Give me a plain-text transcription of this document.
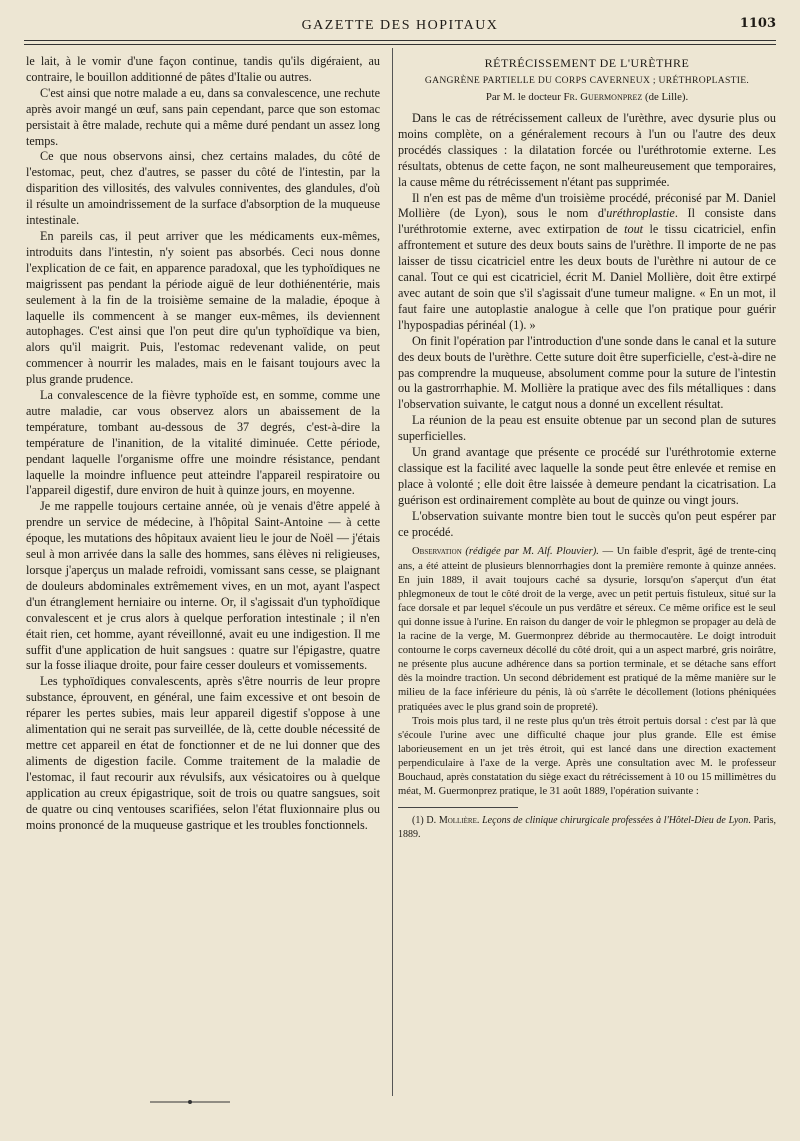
GAZETTE DES HOPITAUX	1103

le lait, à le vomir d'une façon continue, tandis qu'ils digéraient, au contraire, le bouillon additionné de pâtes d'Italie ou autres.

C'est ainsi que notre malade a eu, dans sa convalescence, une rechute après avoir mangé un œuf, sans pain cependant, parce que son estomac persistait à être malade, rechute qui a même duré pendant un assez long temps.

Ce que nous observons ainsi, chez certains malades, du côté de l'estomac, peut, chez d'autres, se passer du côté de l'intestin, par la disparition des villosités, des valvules conniventes, des glandules, d'où il résulte un amoindrissement de la surface d'absorption de la muqueuse intestinale.

En pareils cas, il peut arriver que les médicaments eux-mêmes, introduits dans l'intestin, n'y soient pas absorbés. Ceci nous donne l'explication de ce fait, en apparence paradoxal, que les typhoïdiques ne maigrissent pas pendant la période aiguë de leur dothiénentérie, mais seulement à la fin de la troisième semaine de la maladie, époque à laquelle ils commencent à se manger eux-mêmes, ils deviennent autophages. C'est ainsi que l'on peut dire qu'un typhoïdique va bien, alors qu'il maigrit. Puis, l'estomac redevenant valide, on peut commencer à nourrir les malades, mais en le faisant toujours avec la plus grande prudence.

La convalescence de la fièvre typhoïde est, en somme, comme une autre maladie, car vous observez alors un abaissement de la température, tombant au-dessous de 37 degrés, c'est-à-dire la température de l'inanition, de la vitalité diminuée. Cette période, pendant laquelle l'organisme offre une moindre résistance, pendant laquelle la moindre influence peut atteindre l'appareil respiratoire ou l'appareil digestif, dure environ de huit à quinze jours, en moyenne.

Je me rappelle toujours certaine année, où je venais d'être appelé à prendre un service de médecine, à l'hôpital Saint-Antoine — à cette époque, les mutations des hôpitaux avaient lieu le jour de Noël — j'étais seul à mon arrivée dans la salle des hommes, sans élèves ni religieuses, lorsque j'aperçus un malade refroidi, vomissant sans cesse, se plaignant de douleurs abdominales extrêmement vives, en un mot, ayant l'aspect d'un étranglement herniaire ou interne. Or, il s'agissait d'un typhoïdique convalescent et je crus alors à quelque perforation intestinale ; il n'en était rien, cet homme, ayant réveillonné, avait eu une indigestion. Il me suffit d'une application de huit sangsues : quatre sur l'épigastre, quatre sur la fosse iliaque droite, pour faire cesser douleurs et vomissements.

Les typhoïdiques convalescents, après s'être nourris de leur propre substance, éprouvent, en général, une faim excessive et ont besoin de réparer les pertes subies, mais leur appareil digestif s'oppose à une alimentation qui ne serait pas surveillée, de là, cette double nécessité de mettre cet appareil en état de fonctionner et de ne lui donner que des aliments de digestion facile. Comme traitement de la maladie de l'estomac, il faut recourir aux révulsifs, aux vésicatoires ou à quelque application au creux épigastrique, soit de trois ou quatre sangsues, soit de quatre ou cinq ventouses scarifiées, selon l'état fluxionnaire plus ou moins prononcé de la muqueuse gastrique et les troubles fonctionnels.

RÉTRÉCISSEMENT DE L'URÈTHRE
GANGRÈNE PARTIELLE DU CORPS CAVERNEUX ; URÉTHROPLASTIE.
Par M. le docteur Fr. Guermonprez (de Lille).

Dans le cas de rétrécissement calleux de l'urèthre, avec dysurie plus ou moins complète, on a généralement recours à l'un ou l'autre des deux procédés classiques : la dilatation forcée ou l'uréthrotomie externe. Les résultats, obtenus de cette façon, ne sont malheureusement que temporaires, la cause même du rétrécissement n'étant pas supprimée.

Il n'en est pas de même d'un troisième procédé, préconisé par M. Daniel Mollière (de Lyon), sous le nom d'uréthroplastie. Il consiste dans l'uréthrotomie externe, avec extirpation de tout le tissu cicatriciel, enfin affrontement et suture des deux bouts sains de l'urèthre. Il importe de ne pas laisser de tissu cicatriciel entre les deux bouts de l'urèthre ni autour de ce canal. Tout ce qui est cicatriciel, écrit M. Daniel Mollière, doit être extirpé avec autant de soin que s'il s'agissait d'une tumeur maligne. « En un mot, il faut faire une autoplastie analogue à celle que l'on pratique pour guérir l'hypospadias périnéal (1). »

On finit l'opération par l'introduction d'une sonde dans le canal et la suture des deux bouts de l'urèthre. Cette suture doit être superficielle, c'est-à-dire ne pas comprendre la muqueuse, absolument comme pour la suture de l'intestin ou la gastrorrhaphie. M. Mollière la pratique avec des fils métalliques : dans l'observation suivante, le catgut nous a donné un excellent résultat.

La réunion de la peau est ensuite obtenue par un second plan de sutures superficielles.

Un grand avantage que présente ce procédé sur l'uréthrotomie externe classique est la facilité avec laquelle la sonde peut être enlevée et remise en place à volonté ; elle doit être laissée à demeure pendant la cicatrisation. La guérison est ordinairement complète au bout de quinze ou vingt jours.

L'observation suivante montre bien tout le succès qu'on peut espérer par ce procédé.

Observation (rédigée par M. Alf. Plouvier). — Un faible d'esprit, âgé de trente-cinq ans, a été atteint de plusieurs blennorrhagies dont la première remonte à quinze années. En juin 1889, il avait toujours caché sa dysurie, lorsqu'on s'aperçut d'un état phlegmoneux de tout le côté droit de la verge, avec un petit pertuis fistuleux, situé sur la face dorsale et par lequel s'écoule un pus verdâtre et séreux. Ce même orifice est le seul qui donne issue à l'urine. En raison du danger de voir le phlegmon se propager au delà de la racine de la verge, M. Guermonprez débride au thermocautère. Le doigt introduit contourne le corps caverneux décollé du côté droit, qui a un aspect marbré, gris noirâtre, ne présente plus aucune adhérence dans sa portion terminale, et se détache sans effort dès la moindre traction. Un second débridement est pratiqué de la même manière sur le milieu de la face inférieure du pénis, là où s'arrête le décollement (lotions phéniquées pratiquées avec le plus grand soin de propreté).

Trois mois plus tard, il ne reste plus qu'un très étroit pertuis dorsal : c'est par là que s'écoule l'urine avec une difficulté chaque jour plus grande. Elle est émise laborieusement en un jet très étroit, qui est lancé dans une direction exactement perpendiculaire à l'axe de la verge. Après une consultation avec M. le professeur Bouchaud, après constatation du siège exact du rétrécissement à 10 ou 15 millimètres du méat, M. Guermonprez pratique, le 31 août 1889, l'opération suivante :

(1) D. Mollière. Leçons de clinique chirurgicale professées à l'Hôtel-Dieu de Lyon. Paris, 1889.
